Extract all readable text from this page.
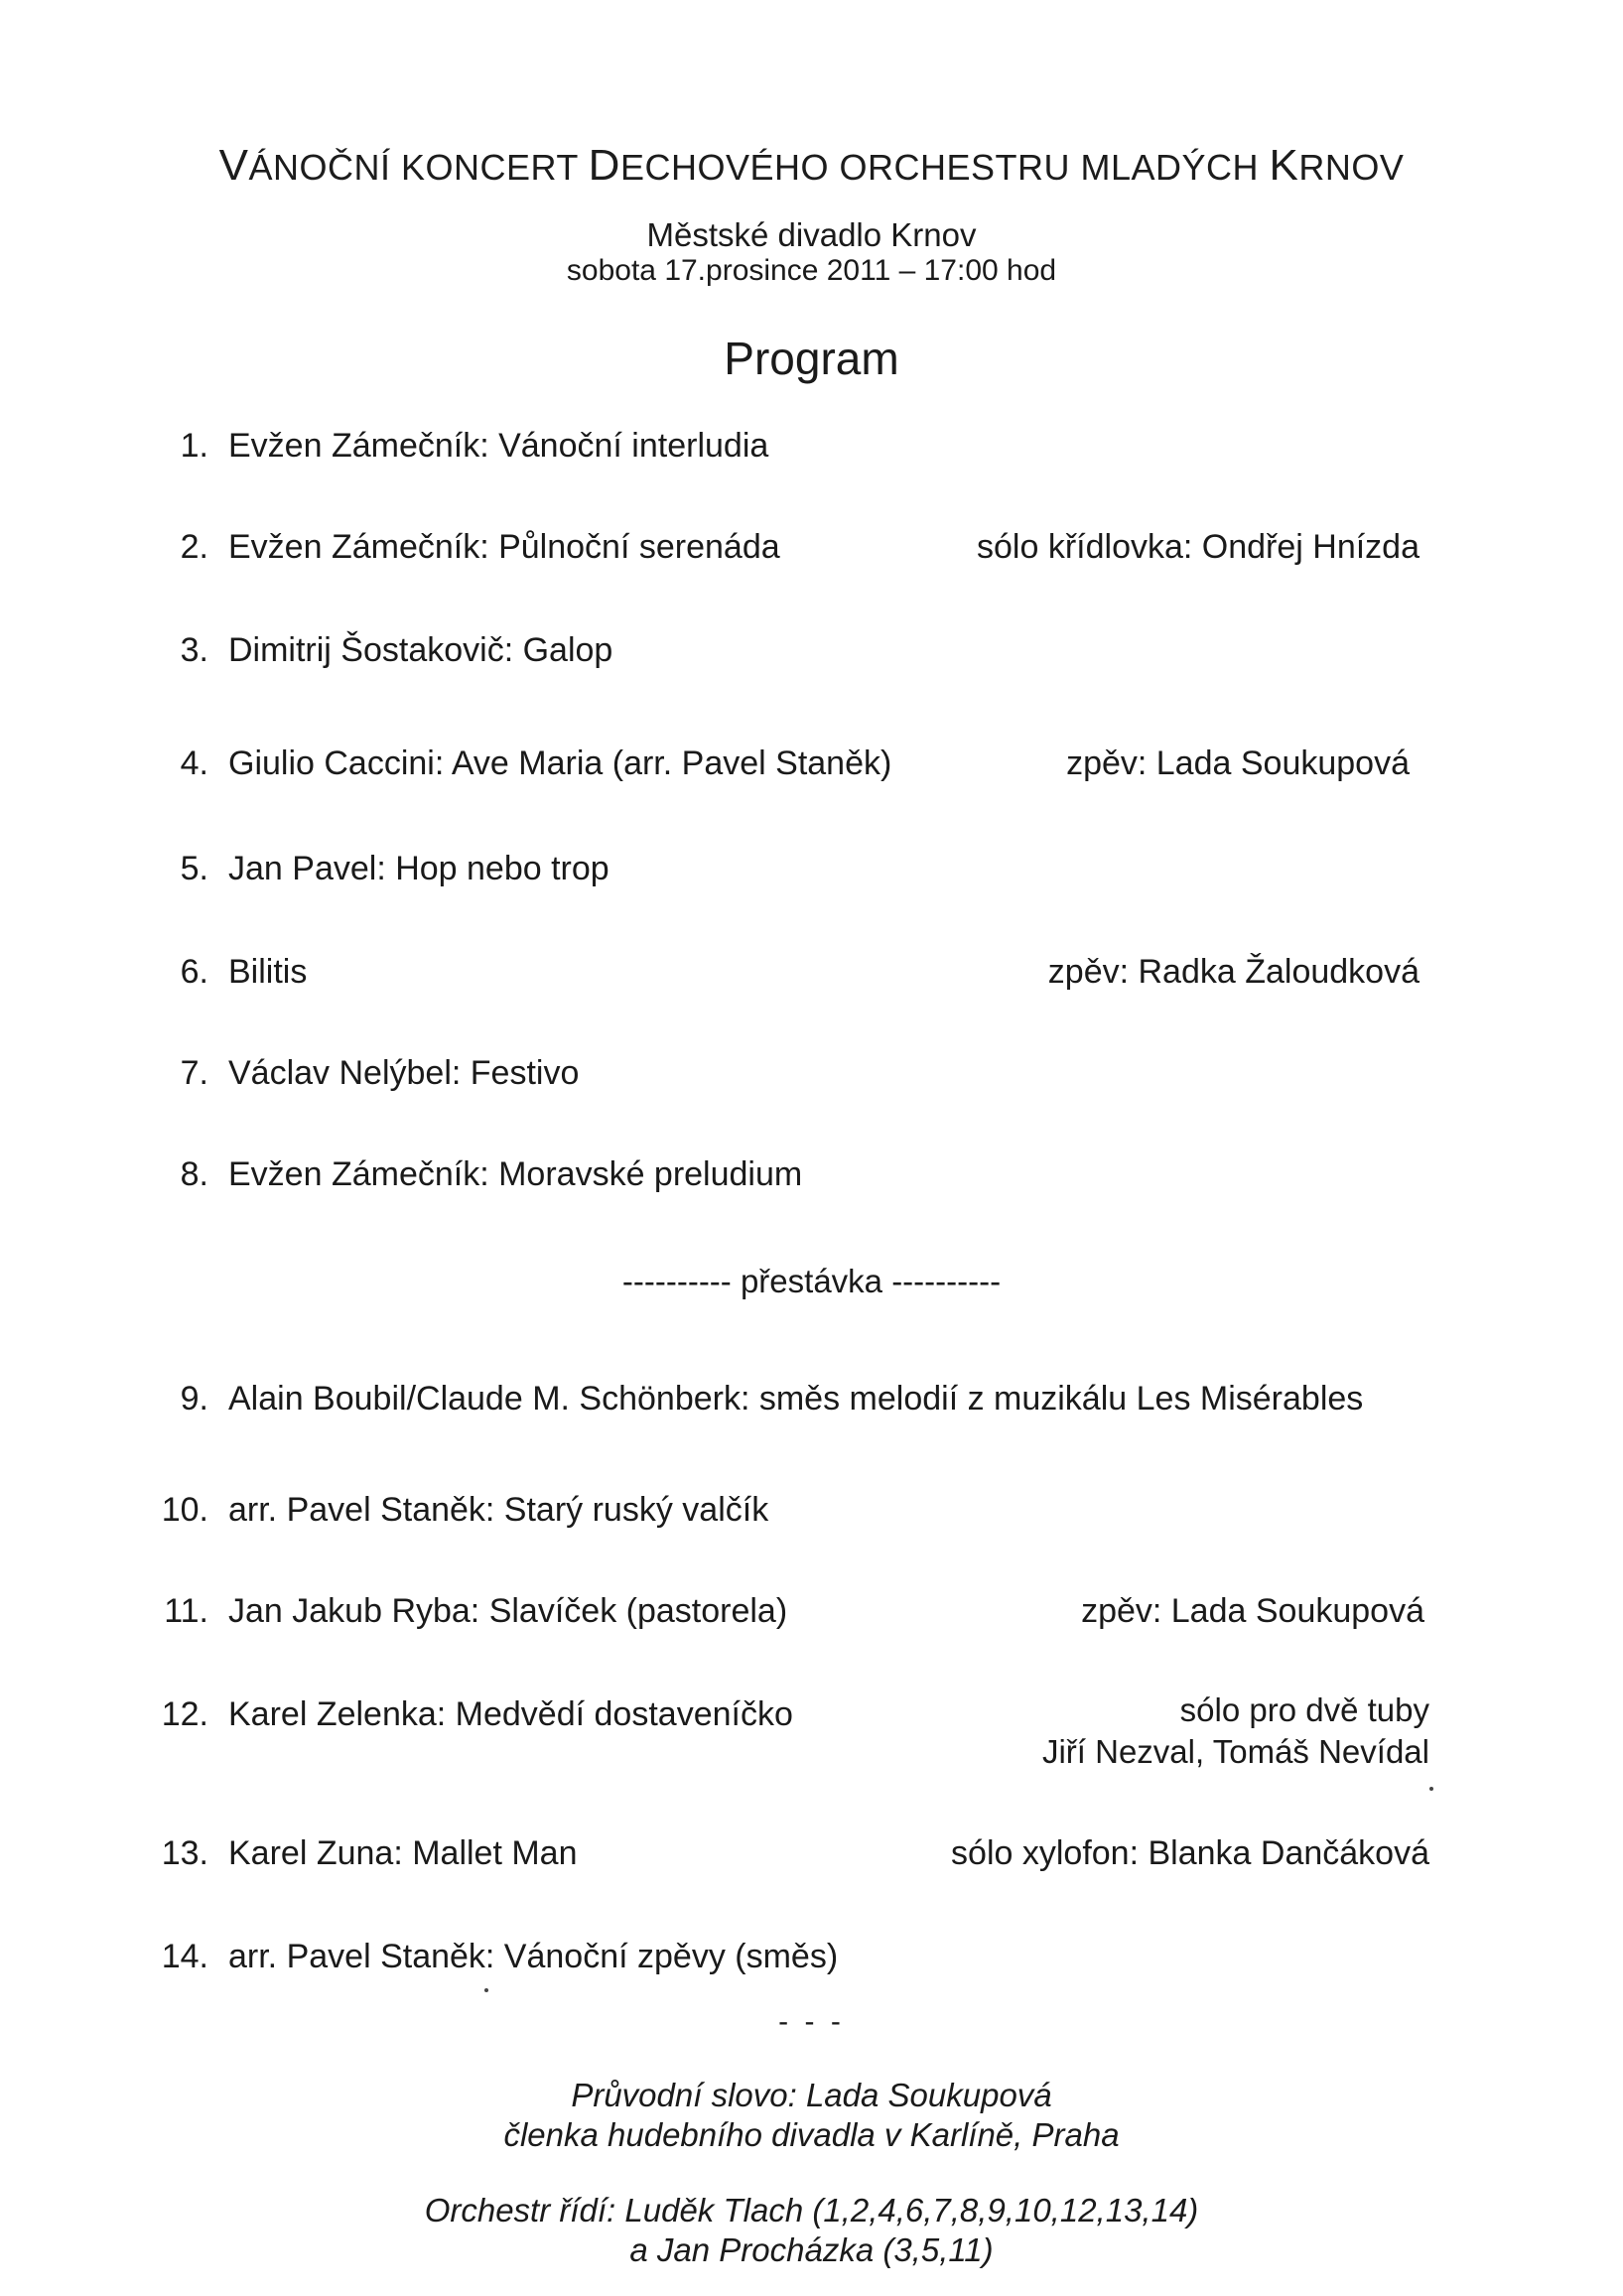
VÁNOČNÍ KONCERT DECHOVÉHO ORCHESTRU MLADÝCH KRNOV
Městské divadlo Krnov
sobota 17.prosince 2011 – 17:00 hod
Program
1. Evžen Zámečník: Vánoční interludia
2. Evžen Zámečník: Půlnoční serenáda	sólo křídlovka: Ondřej Hnízda
3. Dimitrij Šostakovič: Galop
4. Giulio Caccini: Ave Maria (arr. Pavel Staněk)	zpěv: Lada Soukupová
5. Jan Pavel: Hop nebo trop
6. Bilitis	zpěv: Radka Žaloudková
7. Václav Nelýbel: Festivo
8. Evžen Zámečník: Moravské preludium
---------- přestávka ----------
9. Alain Boubil/Claude M. Schönberk: směs melodií z muzikálu Les Misérables
10. arr. Pavel Staněk: Starý ruský valčík
11. Jan Jakub Ryba: Slavíček (pastorela)	zpěv: Lada Soukupová
12. Karel Zelenka: Medvědí dostaveníčko	sólo pro dvě tuby
Jiří Nezval, Tomáš Nevídal
13. Karel Zuna: Mallet Man	sólo xylofon: Blanka Dančáková
14. arr. Pavel Staněk: Vánoční zpěvy (směs)
- - -
Průvodní slovo: Lada Soukupová
členka hudebního divadla v Karlíně, Praha
Orchestr řídí: Luděk Tlach (1,2,4,6,7,8,9,10,12,13,14)
a Jan Procházka (3,5,11)
